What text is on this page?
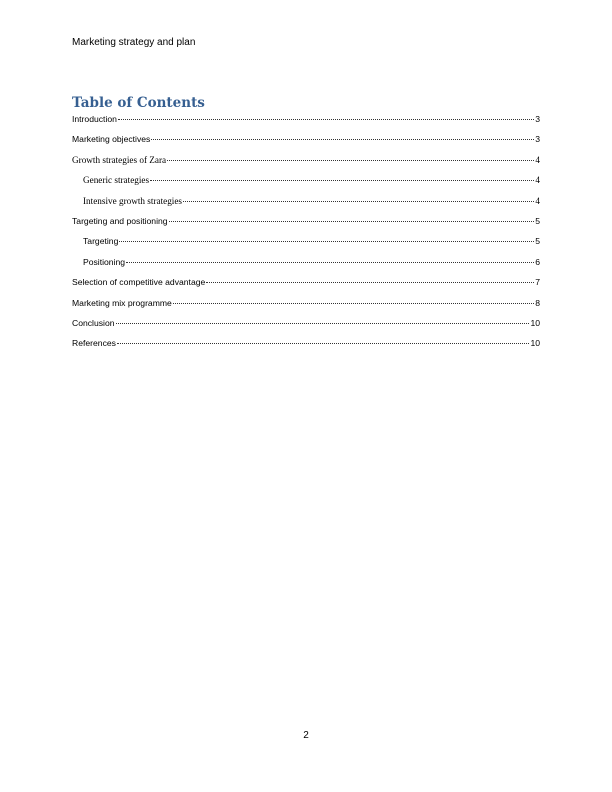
Marketing strategy and plan
Table of Contents
Introduction	3
Marketing objectives	3
Growth strategies of Zara	4
Generic strategies	4
Intensive growth strategies	4
Targeting and positioning	5
Targeting	5
Positioning	6
Selection of competitive advantage	7
Marketing mix programme	8
Conclusion	10
References	10
2
